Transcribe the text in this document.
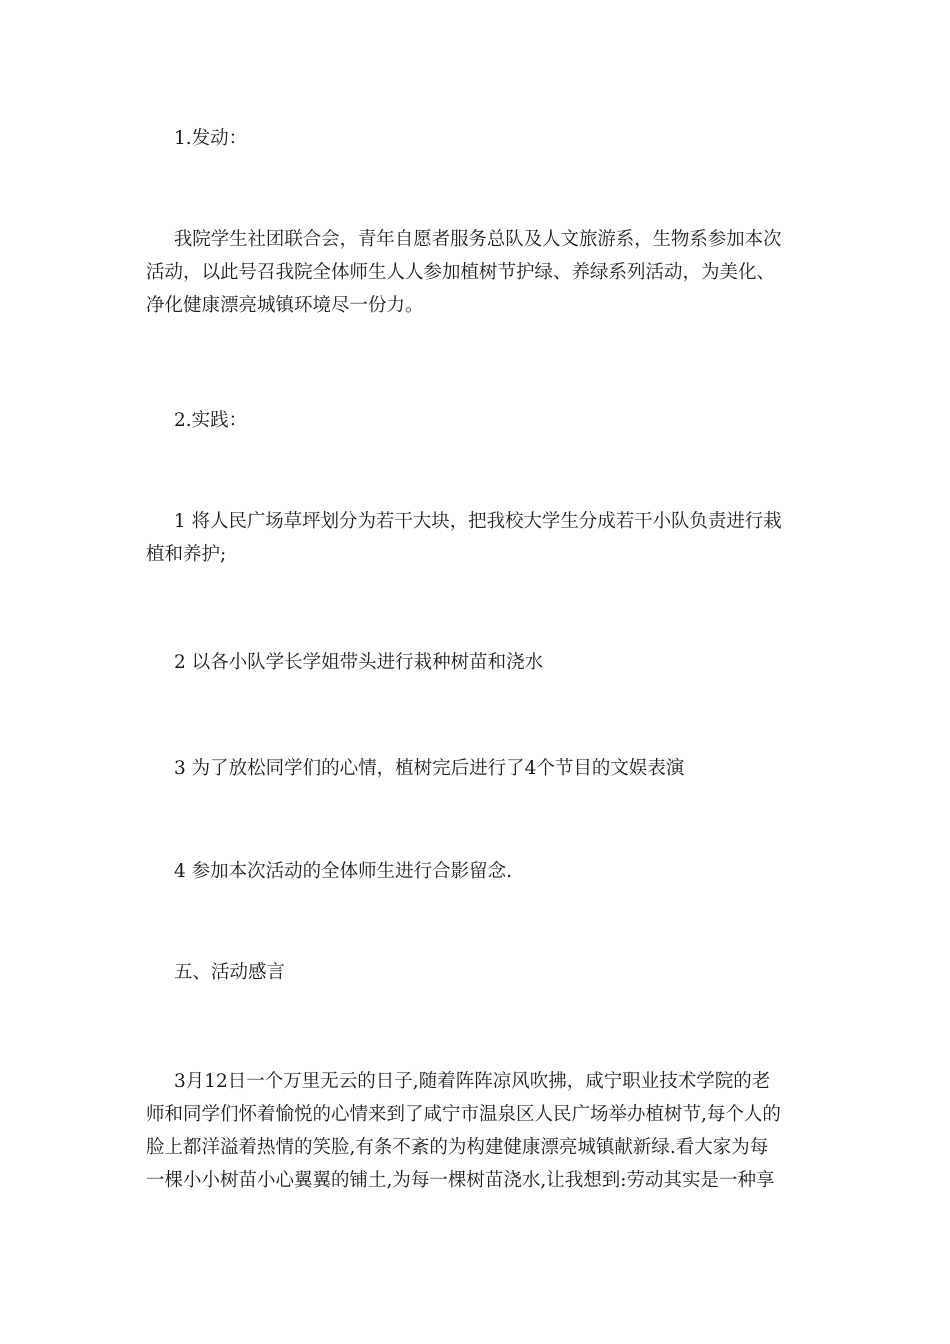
1.发动：
我院学生社团联合会，青年自愿者服务总队及人文旅游系，生物系参加本次
活动，以此号召我院全体师生人人参加植树节护绿、养绿系列活动，为美化、
净化健康漂亮城镇环境尽一份力。
2.实践：
1 将人民广场草坪划分为若干大块，把我校大学生分成若干小队负责进行栽
植和养护;
2 以各小队学长学姐带头进行栽种树苗和浇水
3 为了放松同学们的心情，植树完后进行了4个节目的文娱表演
4 参加本次活动的全体师生进行合影留念.
五、活动感言
3月12日一个万里无云的日子,随着阵阵凉风吹拂，咸宁职业技术学院的老
师和同学们怀着愉悦的心情来到了咸宁市温泉区人民广场举办植树节,每个人的
脸上都洋溢着热情的笑脸,有条不紊的为构建健康漂亮城镇献新绿.看大家为每
一棵小小树苗小心翼翼的铺土,为每一棵树苗浇水,让我想到:劳动其实是一种享
